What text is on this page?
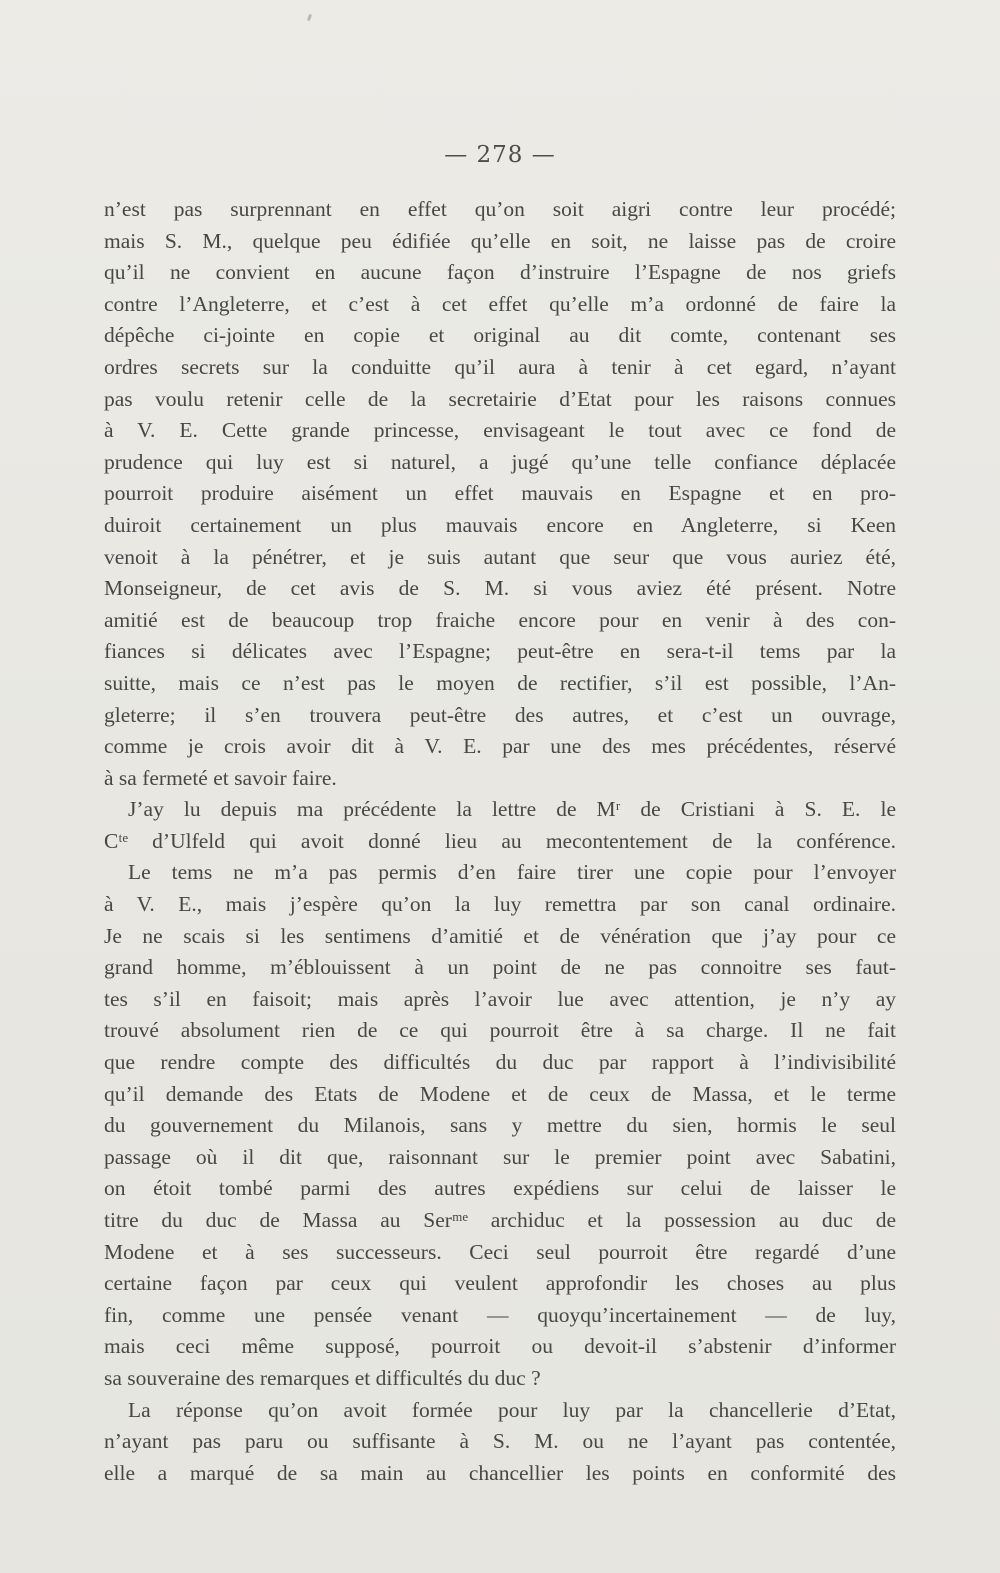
— 278 —
n’est pas surprennant en effet qu’on soit aigri contre leur procédé;
mais S. M., quelque peu édifiée qu’elle en soit, ne laisse pas de croire
qu’il ne convient en aucune façon d’instruire l’Espagne de nos griefs
contre l’Angleterre, et c’est à cet effet qu’elle m’a ordonné de faire la
dépêche ci-jointe en copie et original au dit comte, contenant ses
ordres secrets sur la conduitte qu’il aura à tenir à cet egard, n’ayant
pas voulu retenir celle de la secretairie d’Etat pour les raisons connues
à V. E. Cette grande princesse, envisageant le tout avec ce fond de
prudence qui luy est si naturel, a jugé qu’une telle confiance déplacée
pourroit produire aisément un effet mauvais en Espagne et en pro-
duiroit certainement un plus mauvais encore en Angleterre, si Keen
venoit à la pénétrer, et je suis autant que seur que vous auriez été,
Monseigneur, de cet avis de S. M. si vous aviez été présent. Notre
amitié est de beaucoup trop fraiche encore pour en venir à des con-
fiances si délicates avec l’Espagne; peut-être en sera-t-il tems par la
suitte, mais ce n’est pas le moyen de rectifier, s’il est possible, l’An-
gleterre; il s’en trouvera peut-être des autres, et c’est un ouvrage,
comme je crois avoir dit à V. E. par une des mes précédentes, réservé
à sa fermeté et savoir faire.
J’ay lu depuis ma précédente la lettre de Mʳ de Cristiani à S. E. le
Cᵗᵉ d’Ulfeld qui avoit donné lieu au mecontentement de la conférence.
Le tems ne m’a pas permis d’en faire tirer une copie pour l’envoyer
à V. E., mais j’espère qu’on la luy remettra par son canal ordinaire.
Je ne scais si les sentimens d’amitié et de vénération que j’ay pour ce
grand homme, m’éblouissent à un point de ne pas connoitre ses faut-
tes s’il en faisoit; mais après l’avoir lue avec attention, je n’y ay
trouvé absolument rien de ce qui pourroit être à sa charge. Il ne fait
que rendre compte des difficultés du duc par rapport à l’indivisibilité
qu’il demande des Etats de Modene et de ceux de Massa, et le terme
du gouvernement du Milanois, sans y mettre du sien, hormis le seul
passage où il dit que, raisonnant sur le premier point avec Sabatini,
on étoit tombé parmi des autres expédiens sur celui de laisser le
titre du duc de Massa au Serᵐᵉ archiduc et la possession au duc de
Modene et à ses successeurs. Ceci seul pourroit être regardé d’une
certaine façon par ceux qui veulent approfondir les choses au plus
fin, comme une pensée venant — quoyqu’incertainement — de luy,
mais ceci même supposé, pourroit ou devoit-il s’abstenir d’informer
sa souveraine des remarques et difficultés du duc ?
La réponse qu’on avoit formée pour luy par la chancellerie d’Etat,
n’ayant pas paru ou suffisante à S. M. ou ne l’ayant pas contentée,
elle a marqué de sa main au chancellier les points en conformité des
